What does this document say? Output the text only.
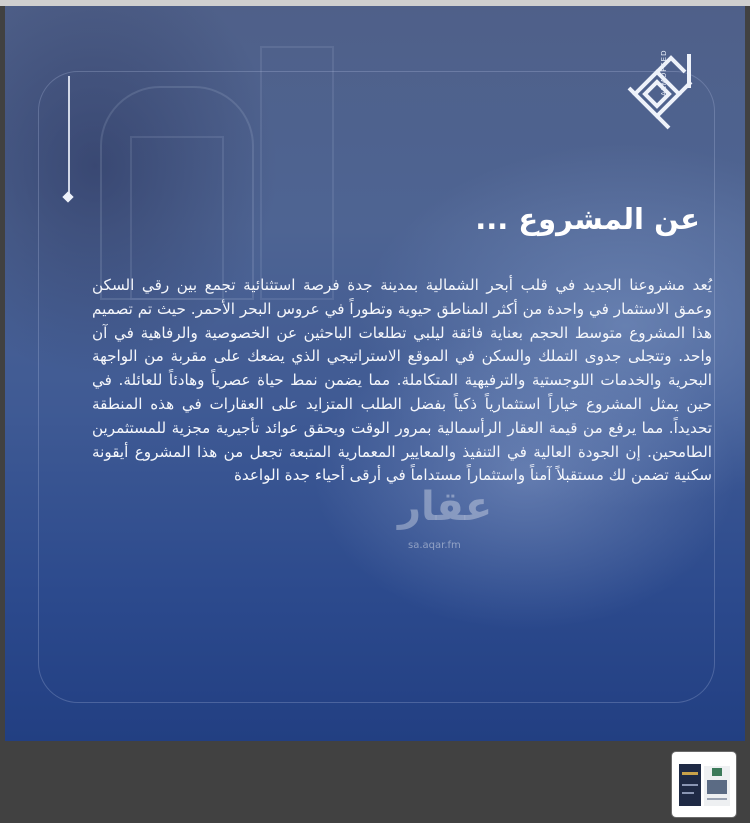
ALMOFEED
عن المشروع ...

يُعد مشروعنا الجديد في قلب أبحر الشمالية بمدينة جدة فرصة استثنائية تجمع بين رقي السكن وعمق الاستثمار في واحدة من أكثر المناطق حيوية وتطوراً في عروس البحر الأحمر. حيث تم تصميم هذا المشروع متوسط الحجم بعناية فائقة ليلبي تطلعات الباحثين عن الخصوصية والرفاهية في آن واحد. وتتجلى جدوى التملك والسكن في الموقع الاستراتيجي الذي يضعك على مقربة من الواجهة البحرية والخدمات اللوجستية والترفيهية المتكاملة. مما يضمن نمط حياة عصرياً وهادئاً للعائلة. في حين يمثل المشروع خياراً استثمارياً ذكياً بفضل الطلب المتزايد على العقارات في هذه المنطقة تحديداً. مما يرفع من قيمة العقار الرأسمالية بمرور الوقت ويحقق عوائد تأجيرية مجزية للمستثمرين الطامحين. إن الجودة العالية في التنفيذ والمعايير المعمارية المتبعة تجعل من هذا المشروع أيقونة سكنية تضمن لك مستقبلاً آمناً واستثماراً مستداماً في أرقى أحياء جدة الواعدة

عقار
sa.aqar.fm
